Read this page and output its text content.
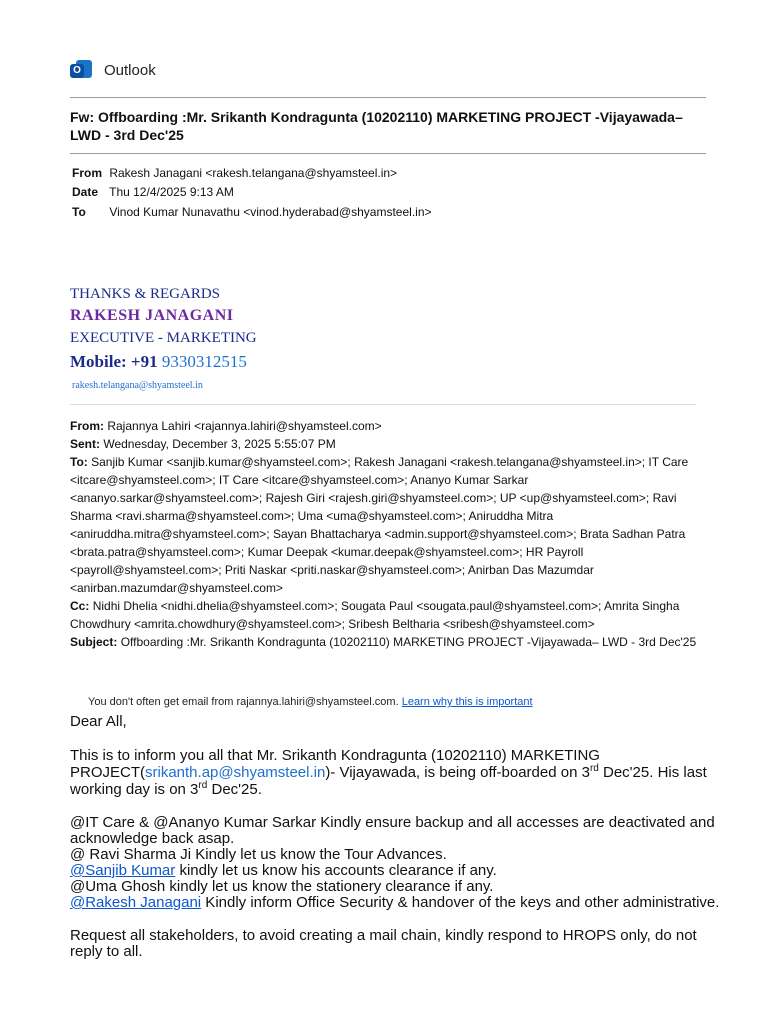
O Outlook
Fw: Offboarding :Mr. Srikanth Kondragunta (10202110) MARKETING PROJECT -Vijayawada– LWD - 3rd Dec'25
From Rakesh Janagani <rakesh.telangana@shyamsteel.in>
Date Thu 12/4/2025 9:13 AM
To Vinod Kumar Nunavathu <vinod.hyderabad@shyamsteel.in>
THANKS & REGARDS
RAKESH JANAGANI
EXECUTIVE - MARKETING
Mobile: +91 9330312515
rakesh.telangana@shyamsteel.in

From: Rajannya Lahiri <rajannya.lahiri@shyamsteel.com>

Sent: Wednesday, December 3, 2025 5:55:07 PM

To: Sanjib Kumar <sanjib.kumar@shyamsteel.com>; Rakesh Janagani <rakesh.telangana@shyamsteel.in>; IT Care <itcare@shyamsteel.com>; IT Care <itcare@shyamsteel.com>; Ananyo Kumar Sarkar <ananyo.sarkar@shyamsteel.com>; Rajesh Giri <rajesh.giri@shyamsteel.com>; UP <up@shyamsteel.com>; Ravi Sharma <ravi.sharma@shyamsteel.com>; Uma <uma@shyamsteel.com>; Aniruddha Mitra <aniruddha.mitra@shyamsteel.com>; Sayan Bhattacharya <admin.support@shyamsteel.com>; Brata Sadhan Patra <brata.patra@shyamsteel.com>; Kumar Deepak <kumar.deepak@shyamsteel.com>; HR Payroll <payroll@shyamsteel.com>; Priti Naskar <priti.naskar@shyamsteel.com>; Anirban Das Mazumdar <anirban.mazumdar@shyamsteel.com>

Cc: Nidhi Dhelia <nidhi.dhelia@shyamsteel.com>; Sougata Paul <sougata.paul@shyamsteel.com>; Amrita Singha Chowdhury <amrita.chowdhury@shyamsteel.com>; Sribesh Beltharia <sribesh@shyamsteel.com>

Subject: Offboarding :Mr. Srikanth Kondragunta (10202110) MARKETING PROJECT -Vijayawada– LWD - 3rd Dec'25

You don't often get email from rajannya.lahiri@shyamsteel.com. Learn why this is important

Dear All,

This is to inform you all that Mr. Srikanth Kondragunta (10202110) MARKETING PROJECT(srikanth.ap@shyamsteel.in)- Vijayawada, is being off-boarded on 3rd Dec'25. His last working day is on 3rd Dec'25.

@IT Care & @Ananyo Kumar Sarkar Kindly ensure backup and all accesses are deactivated and acknowledge back asap.

@ Ravi Sharma Ji Kindly let us know the Tour Advances.

@Sanjib Kumar kindly let us know his accounts clearance if any.

@Uma Ghosh kindly let us know the stationery clearance if any.

@Rakesh Janagani Kindly inform Office Security & handover of the keys and other administrative.

Request all stakeholders, to avoid creating a mail chain, kindly respond to HROPS only, do not reply to all.
